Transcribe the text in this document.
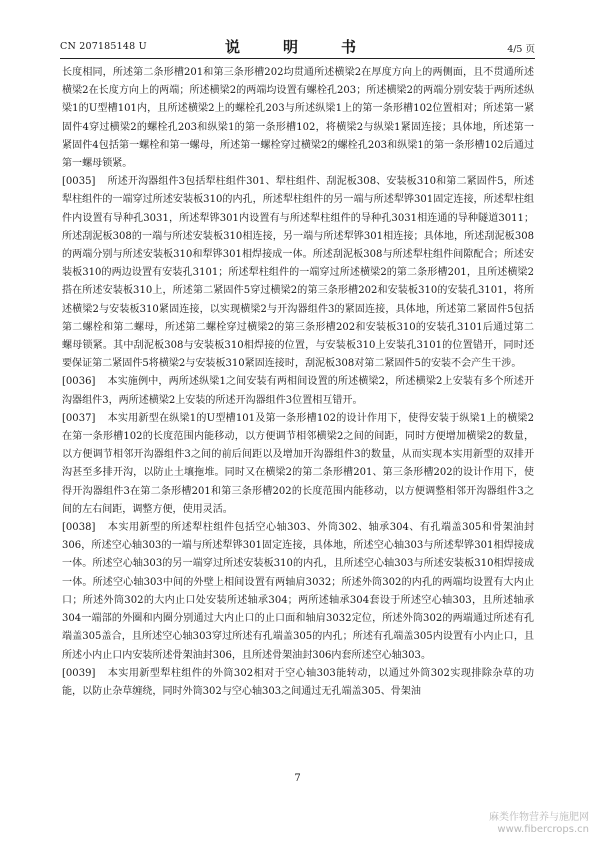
CN 207185148 U	说　明　书	4/5 页

长度相同，所述第二条形槽201和第三条形槽202均贯通所述横梁2在厚度方向上的两侧面，且不贯通所述横梁2在长度方向上的两端；所述横梁2的两端均设置有螺栓孔203；所述横梁2的两端分别安装于两所述纵梁1的U型槽101内，且所述横梁2上的螺栓孔203与所述纵梁1上的第一条形槽102位置相对；所述第一紧固件4穿过横梁2的螺栓孔203和纵梁1的第一条形槽102，将横梁2与纵梁1紧固连接；具体地，所述第一紧固件4包括第一螺栓和第一螺母，所述第一螺栓穿过横梁2的螺栓孔203和纵梁1的第一条形槽102后通过第一螺母锁紧。

[0035] 所述开沟器组件3包括犁柱组件301、犁柱组件、刮泥板308、安装板310和第二紧固件5，所述犁柱组件的一端穿过所述安装板310的内孔，所述犁柱组件的另一端与所述犁铧301固定连接，所述犁柱组件内设置有导种孔3031，所述犁铧301内设置有与所述犁柱组件的导种孔3031相连通的导种隧道3011；所述刮泥板308的一端与所述安装板310相连接，另一端与所述犁铧301相连接；具体地，所述刮泥板308的两端分别与所述安装板310和犁铧301相焊接成一体。所述刮泥板308与所述犁柱组件间隙配合；所述安装板310的两边设置有安装孔3101；所述犁柱组件的一端穿过所述横梁2的第二条形槽201，且所述横梁2搭在所述安装板310上，所述第二紧固件5穿过横梁2的第三条形槽202和安装板310的安装孔3101，将所述横梁2与安装板310紧固连接，以实现横梁2与开沟器组件3的紧固连接，具体地，所述第二紧固件5包括第二螺栓和第二螺母，所述第二螺栓穿过横梁2的第三条形槽202和安装板310的安装孔3101后通过第二螺母锁紧。其中刮泥板308与安装板310相焊接的位置，与安装板310上安装孔3101的位置错开，同时还要保证第二紧固件5将横梁2与安装板310紧固连接时，刮泥板308对第二紧固件5的安装不会产生干涉。

[0036] 本实施例中，两所述纵梁1之间安装有两相间设置的所述横梁2，所述横梁2上安装有多个所述开沟器组件3，两所述横梁2上安装的所述开沟器组件3位置相互错开。

[0037] 本实用新型在纵梁1的U型槽101及第一条形槽102的设计作用下，使得安装于纵梁1上的横梁2在第一条形槽102的长度范围内能移动，以方便调节相邻横梁2之间的间距，同时方便增加横梁2的数量，以方便调节相邻开沟器组件3之间的前后间距以及增加开沟器组件3的数量，从而实现本实用新型的双排开沟甚至多排开沟，以防止土壤拖堆。同时又在横梁2的第二条形槽201、第三条形槽202的设计作用下，使得开沟器组件3在第二条形槽201和第三条形槽202的长度范围内能移动，以方便调整相邻开沟器组件3之间的左右间距，调整方便，使用灵活。

[0038] 本实用新型的所述犁柱组件包括空心轴303、外筒302、轴承304、有孔端盖305和骨架油封306，所述空心轴303的一端与所述犁铧301固定连接，具体地，所述空心轴303与所述犁铧301相焊接成一体。所述空心轴303的另一端穿过所述安装板310的内孔，且所述空心轴303与所述安装板310相焊接成一体。所述空心轴303中间的外壁上相间设置有两轴肩3032；所述外筒302的内孔的两端均设置有大内止口；所述外筒302的大内止口处安装所述轴承304；两所述轴承304套设于所述空心轴303，且所述轴承304一端部的外圈和内圈分别通过大内止口的止口面和轴肩3032定位，所述外筒302的两端通过所述有孔端盖305盖合，且所述空心轴303穿过所述有孔端盖305的内孔；所述有孔端盖305内设置有小内止口，且所述小内止口内安装所述骨架油封306，且所述骨架油封306内套所述空心轴303。

[0039] 本实用新型犁柱组件的外筒302相对于空心轴303能转动，以通过外筒302实现排除杂草的功能，以防止杂草缠绕，同时外筒302与空心轴303之间通过无孔端盖305、骨架油

7
麻类作物营养与施肥网
www.fibercrops.cn
